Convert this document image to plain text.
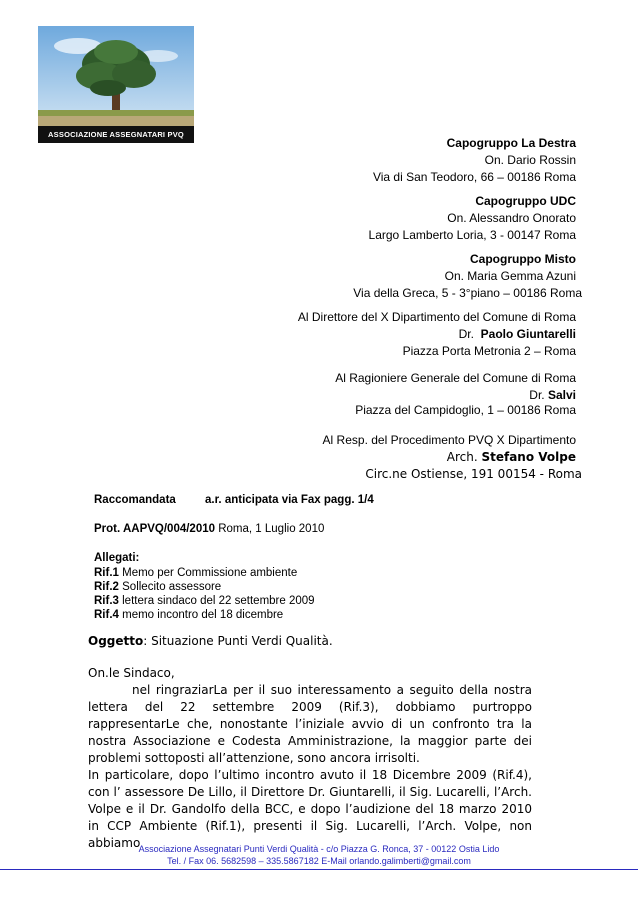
ASSOCIAZIONE ASSEGNATARI PVQ
Capogruppo La Destra
On. Dario Rossin
Via di San Teodoro, 66 – 00186 Roma
Capogruppo UDC
On. Alessandro Onorato
Largo Lamberto Loria, 3 - 00147 Roma
Capogruppo Misto
On. Maria Gemma Azuni
Via della Greca, 5 - 3°piano – 00186 Roma
Al Direttore del X Dipartimento del Comune di Roma
Dr. Paolo Giuntarelli
Piazza Porta Metronia 2 – Roma
Al Ragioniere Generale del Comune di Roma
Dr. Salvi
Piazza del Campidoglio, 1 – 00186 Roma
Al Resp. del Procedimento PVQ X Dipartimento
Arch. Stefano Volpe
Circ.ne Ostiense, 191 00154 - Roma
Raccomandata	a.r. anticipata via Fax pagg. 1/4
Prot. AAPVQ/004/2010 Roma, 1 Luglio 2010
Allegati:
Rif.1 Memo per Commissione ambiente
Rif.2 Sollecito assessore
Rif.3 lettera sindaco del 22 settembre 2009
Rif.4 memo incontro del 18 dicembre
Oggetto: Situazione Punti Verdi Qualità.

On.le Sindaco,

nel ringraziarLa per il suo interessamento a seguito della nostra lettera del 22 settembre 2009 (Rif.3), dobbiamo purtroppo rappresentarLe che, nonostante l’iniziale avvio di un confronto tra la nostra Associazione e Codesta Amministrazione, la maggior parte dei problemi sottoposti all’attenzione, sono ancora irrisolti.

In particolare, dopo l’ultimo incontro avuto il 18 Dicembre 2009 (Rif.4), con l’ assessore De Lillo, il Direttore Dr. Giuntarelli, il Sig. Lucarelli, l’Arch. Volpe e il Dr. Gandolfo della BCC, e dopo l’audizione del 18 marzo 2010 in CCP Ambiente (Rif.1), presenti il Sig. Lucarelli, l’Arch. Volpe, non abbiamo

Associazione Assegnatari Punti Verdi Qualità - c/o Piazza G. Ronca, 37 - 00122 Ostia Lido
Tel. / Fax 06. 5682598 – 335.5867182 E-Mail orlando.galimberti@gmail.com
